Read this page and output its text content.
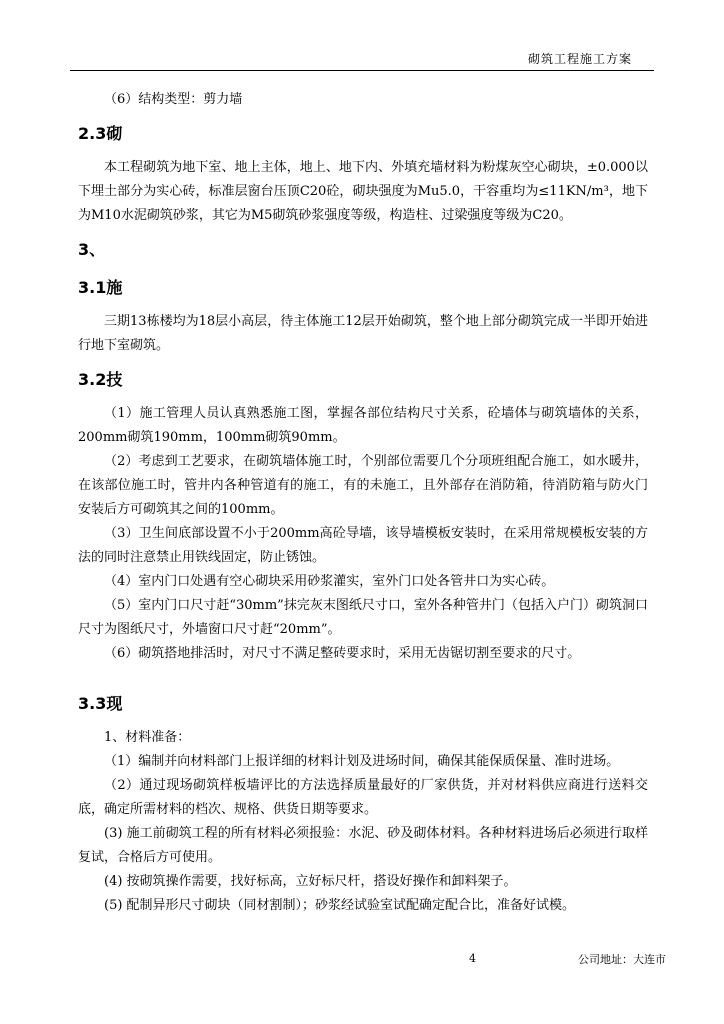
砌筑工程施工方案

（6）结构类型：剪力墙

2.3砌

本工程砌筑为地下室、地上主体，地上、地下内、外填充墙材料为粉煤灰空心砌块，±0.000以下埋土部分为实心砖，标准层窗台压顶C20砼，砌块强度为Mu5.0，干容重均为≤11KN/m³，地下为M10水泥砌筑砂浆，其它为M5砌筑砂浆强度等级，构造柱、过梁强度等级为C20。

3、
3.1施

三期13栋楼均为18层小高层，待主体施工12层开始砌筑，整个地上部分砌筑完成一半即开始进行地下室砌筑。

3.2技

（1）施工管理人员认真熟悉施工图，掌握各部位结构尺寸关系，砼墙体与砌筑墙体的关系， 200mm砌筑190mm，100mm砌筑90mm。

（2）考虑到工艺要求，在砌筑墙体施工时，个别部位需要几个分项班组配合施工，如水暖井，在该部位施工时，管井内各种管道有的施工，有的未施工，且外部存在消防箱，待消防箱与防火门安装后方可砌筑其之间的100mm。

（3）卫生间底部设置不小于200mm高砼导墙，该导墙模板安装时，在采用常规模板安装的方法的同时注意禁止用铁线固定，防止锈蚀。

（4）室内门口处遇有空心砌块采用砂浆灌实，室外门口处各管井口为实心砖。

（5）室内门口尺寸赶“30mm”抹完灰末图纸尺寸口，室外各种管井门（包括入户门）砌筑洞口尺寸为图纸尺寸，外墙窗口尺寸赶“20mm”。

（6）砌筑搭地排活时，对尺寸不满足整砖要求时，采用无齿锯切割至要求的尺寸。

3.3现

1、材料准备：

（1）编制并向材料部门上报详细的材料计划及进场时间，确保其能保质保量、准时进场。

（2）通过现场砌筑样板墙评比的方法选择质量最好的厂家供货，并对材料供应商进行送料交底，确定所需材料的档次、规格、供货日期等要求。

(3) 施工前砌筑工程的所有材料必须报验：水泥、砂及砌体材料。各种材料进场后必须进行取样复试，合格后方可使用。

(4) 按砌筑操作需要，找好标高，立好标尺杆，搭设好操作和卸料架子。

(5) 配制异形尺寸砌块（同材割制）；砂浆经试验室试配确定配合比，准备好试模。

4	公司地址：大连市
